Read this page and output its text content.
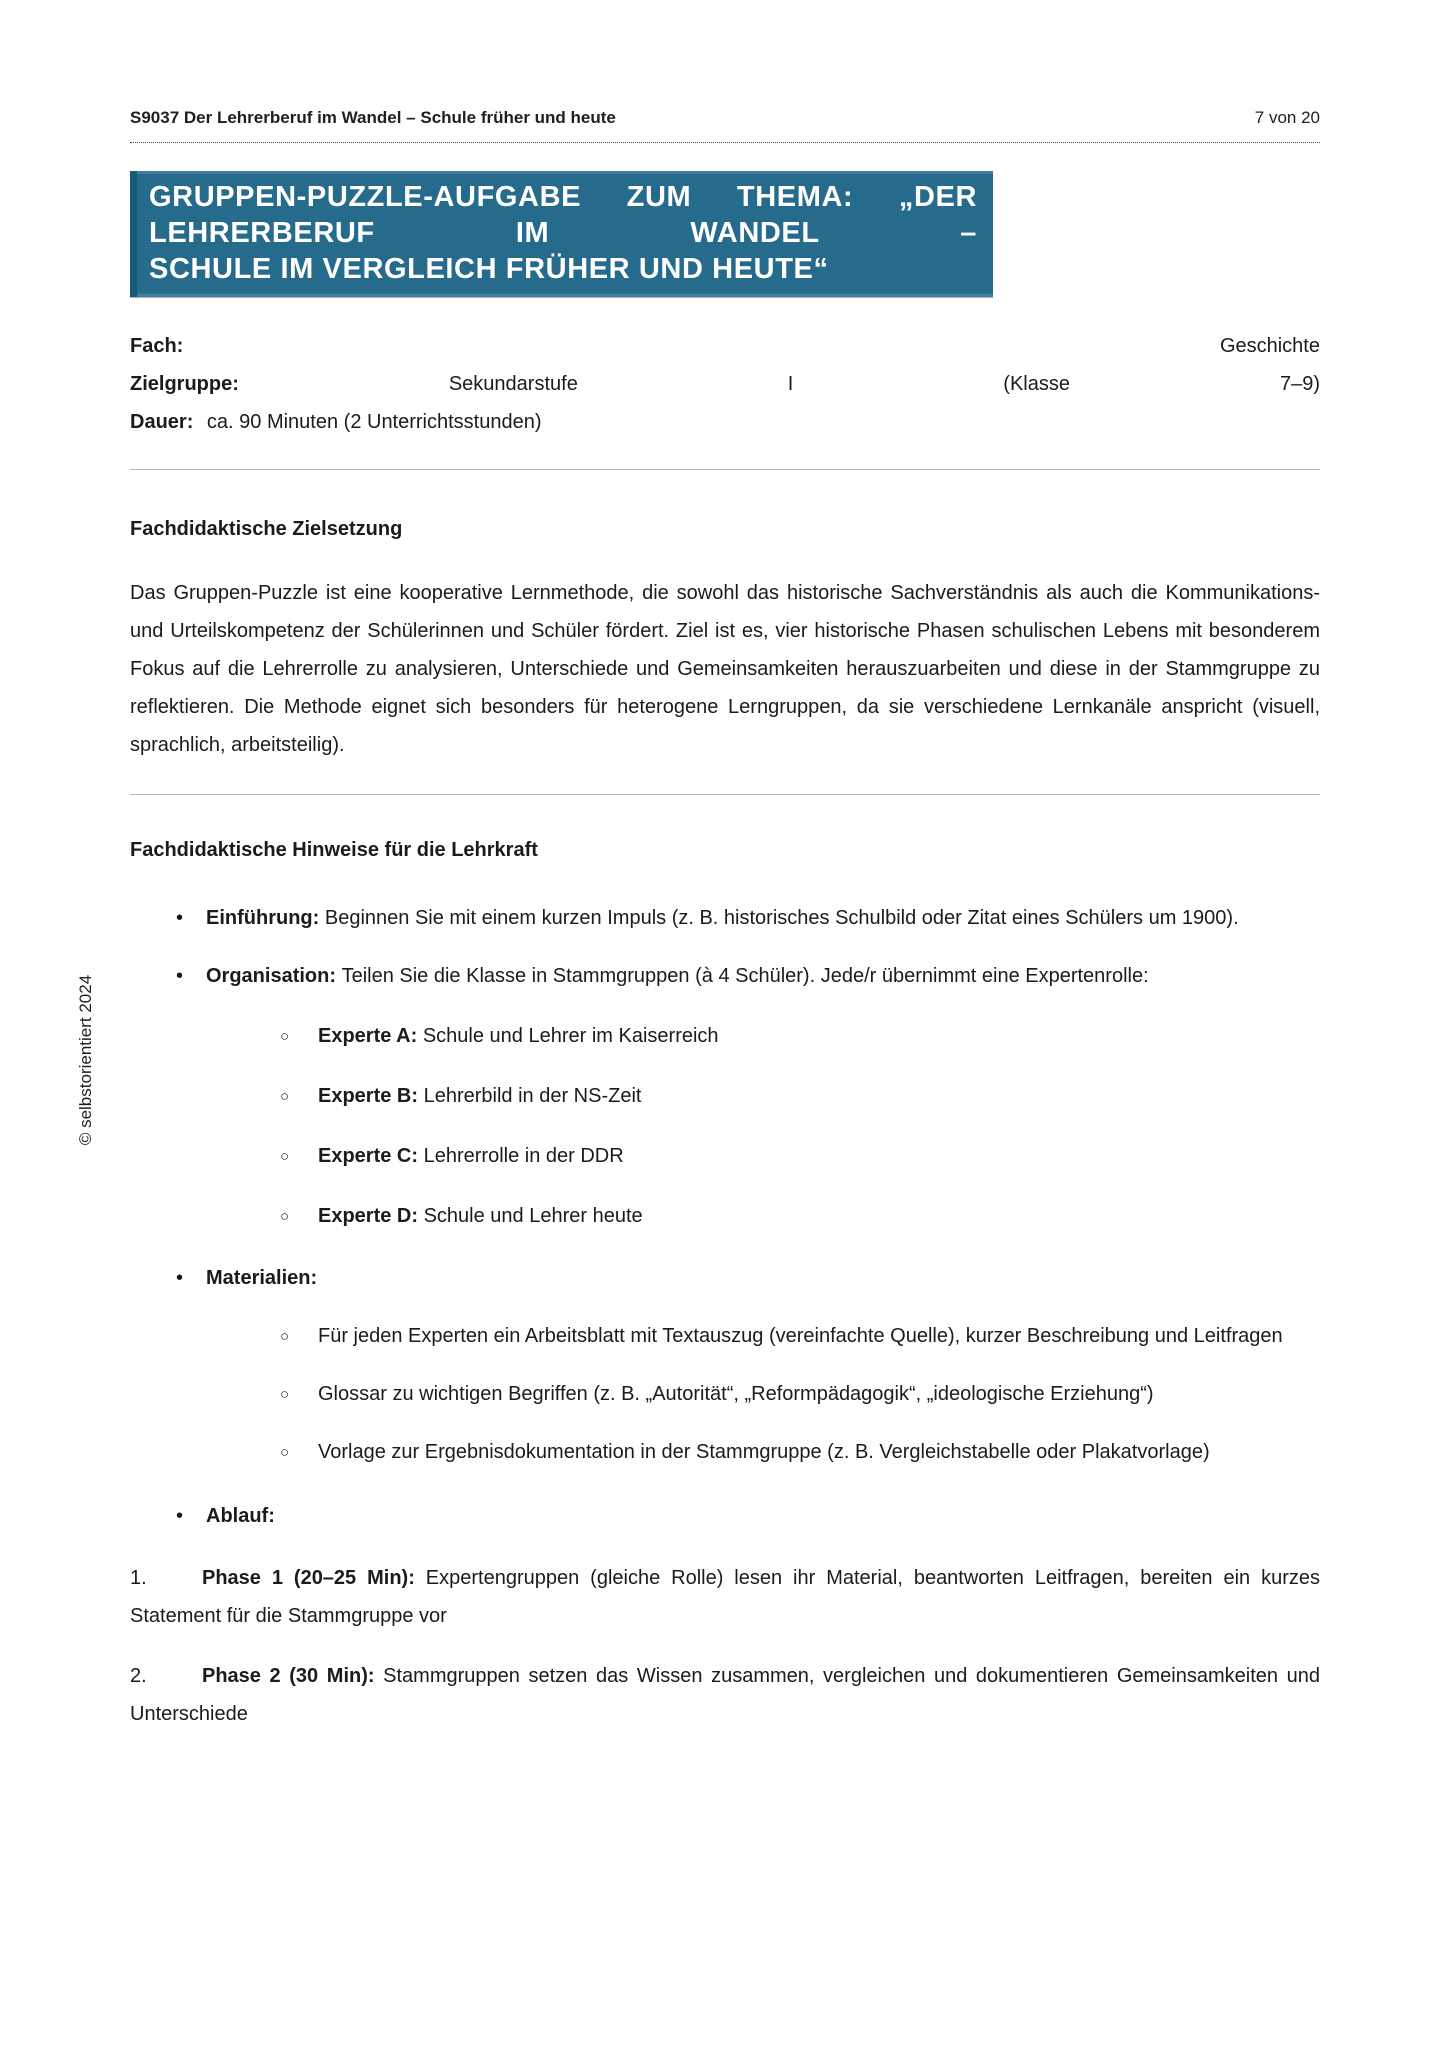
© selbstorientiert 2024
S9037 Der Lehrerberuf im Wandel – Schule früher und heute	7 von 20
GRUPPEN-PUZZLE-AUFGABE ZUM THEMA: „DER LEHRERBERUF IM WANDEL –
SCHULE IM VERGLEICH FRÜHER UND HEUTE“
Fach:	Geschichte
Zielgruppe:	Sekundarstufe	I	(Klasse	7–9)
Dauer: ca. 90 Minuten (2 Unterrichtsstunden)
Fachdidaktische Zielsetzung
Das Gruppen-Puzzle ist eine kooperative Lernmethode, die sowohl das historische Sachverständnis als auch die Kommunikations- und Urteilskompetenz der Schülerinnen und Schüler fördert. Ziel ist es, vier historische Phasen schulischen Lebens mit besonderem Fokus auf die Lehrerrolle zu analysieren, Unterschiede und Gemeinsamkeiten herauszuarbeiten und diese in der Stammgruppe zu reflektieren. Die Methode eignet sich besonders für heterogene Lerngruppen, da sie verschiedene Lernkanäle anspricht (visuell, sprachlich, arbeitsteilig).
Fachdidaktische Hinweise für die Lehrkraft
• Einführung: Beginnen Sie mit einem kurzen Impuls (z. B. historisches Schulbild oder Zitat eines Schülers um 1900).
• Organisation: Teilen Sie die Klasse in Stammgruppen (à 4 Schüler). Jede/r übernimmt eine Expertenrolle:
○ Experte A: Schule und Lehrer im Kaiserreich
○ Experte B: Lehrerbild in der NS-Zeit
○ Experte C: Lehrerrolle in der DDR
○ Experte D: Schule und Lehrer heute
• Materialien:
○ Für jeden Experten ein Arbeitsblatt mit Textauszug (vereinfachte Quelle), kurzer Beschreibung und Leitfragen
○ Glossar zu wichtigen Begriffen (z. B. „Autorität“, „Reformpädagogik“, „ideologische Erziehung“)
○ Vorlage zur Ergebnisdokumentation in der Stammgruppe (z. B. Vergleichstabelle oder Plakatvorlage)
• Ablauf:
1.	Phase 1 (20–25 Min): Expertengruppen (gleiche Rolle) lesen ihr Material, beantworten Leitfragen, bereiten ein kurzes Statement für die Stammgruppe vor
2.	Phase 2 (30 Min): Stammgruppen setzen das Wissen zusammen, vergleichen und dokumentieren Gemeinsamkeiten und Unterschiede
